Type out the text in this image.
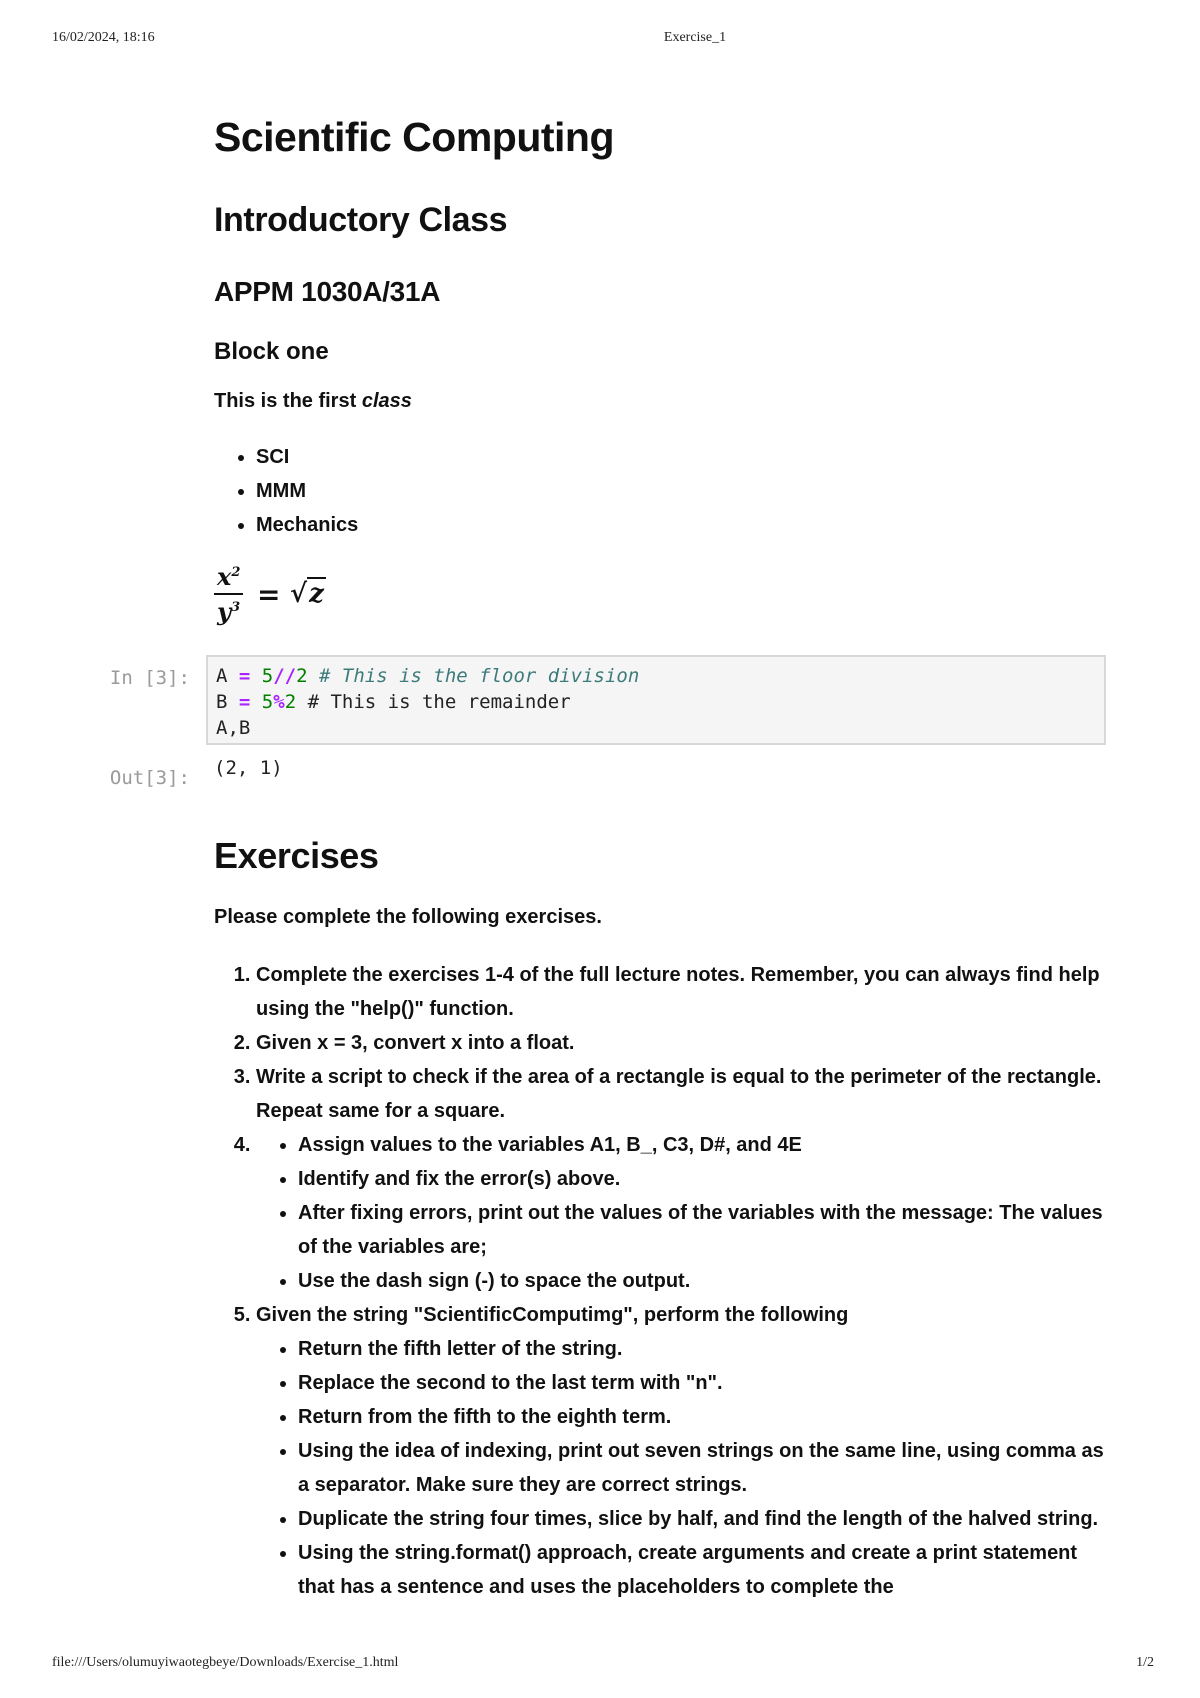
16/02/2024, 18:16	Exercise_1
Scientific Computing
Introductory Class
APPM 1030A/31A
Block one

This is the first class

• SCI
• MMM
• Mechanics
$\frac{x^2}{y^3} = √z$
Exercises

Please complete the following exercises.

1. Complete the exercises 1-4 of the full lecture notes. Remember, you can always find help using the "help()" function.
2. Given x = 3, convert x into a float.
3. Write a script to check if the area of a rectangle is equal to the perimeter of the rectangle. Repeat same for a square.
• 4. Assign values to the variables A1, B_, C3, D#, and 4E
• Identify and fix the error(s) above.
• After fixing errors, print out the values of the variables with the message: The values of the variables are;
• Use the dash sign (-) to space the output.
5. Given the string "ScientificComputimg", perform the following
• Return the fifth letter of the string.
• Replace the second to the last term with "n".
• Return from the fifth to the eighth term.
• Using the idea of indexing, print out seven strings on the same line, using comma as a separator. Make sure they are correct strings.
• Duplicate the string four times, slice by half, and find the length of the halved string.
• Using the string.format() approach, create arguments and create a print statement that has a sentence and uses the placeholders to complete the
In [3]:	A = 5//2 # This is the floor division
B = 5%2 # This is the remainder
A,B
Out[3]: (2, 1)
file:///Users/olumuyiwaotegbeye/Downloads/Exercise_1.html	1/2
